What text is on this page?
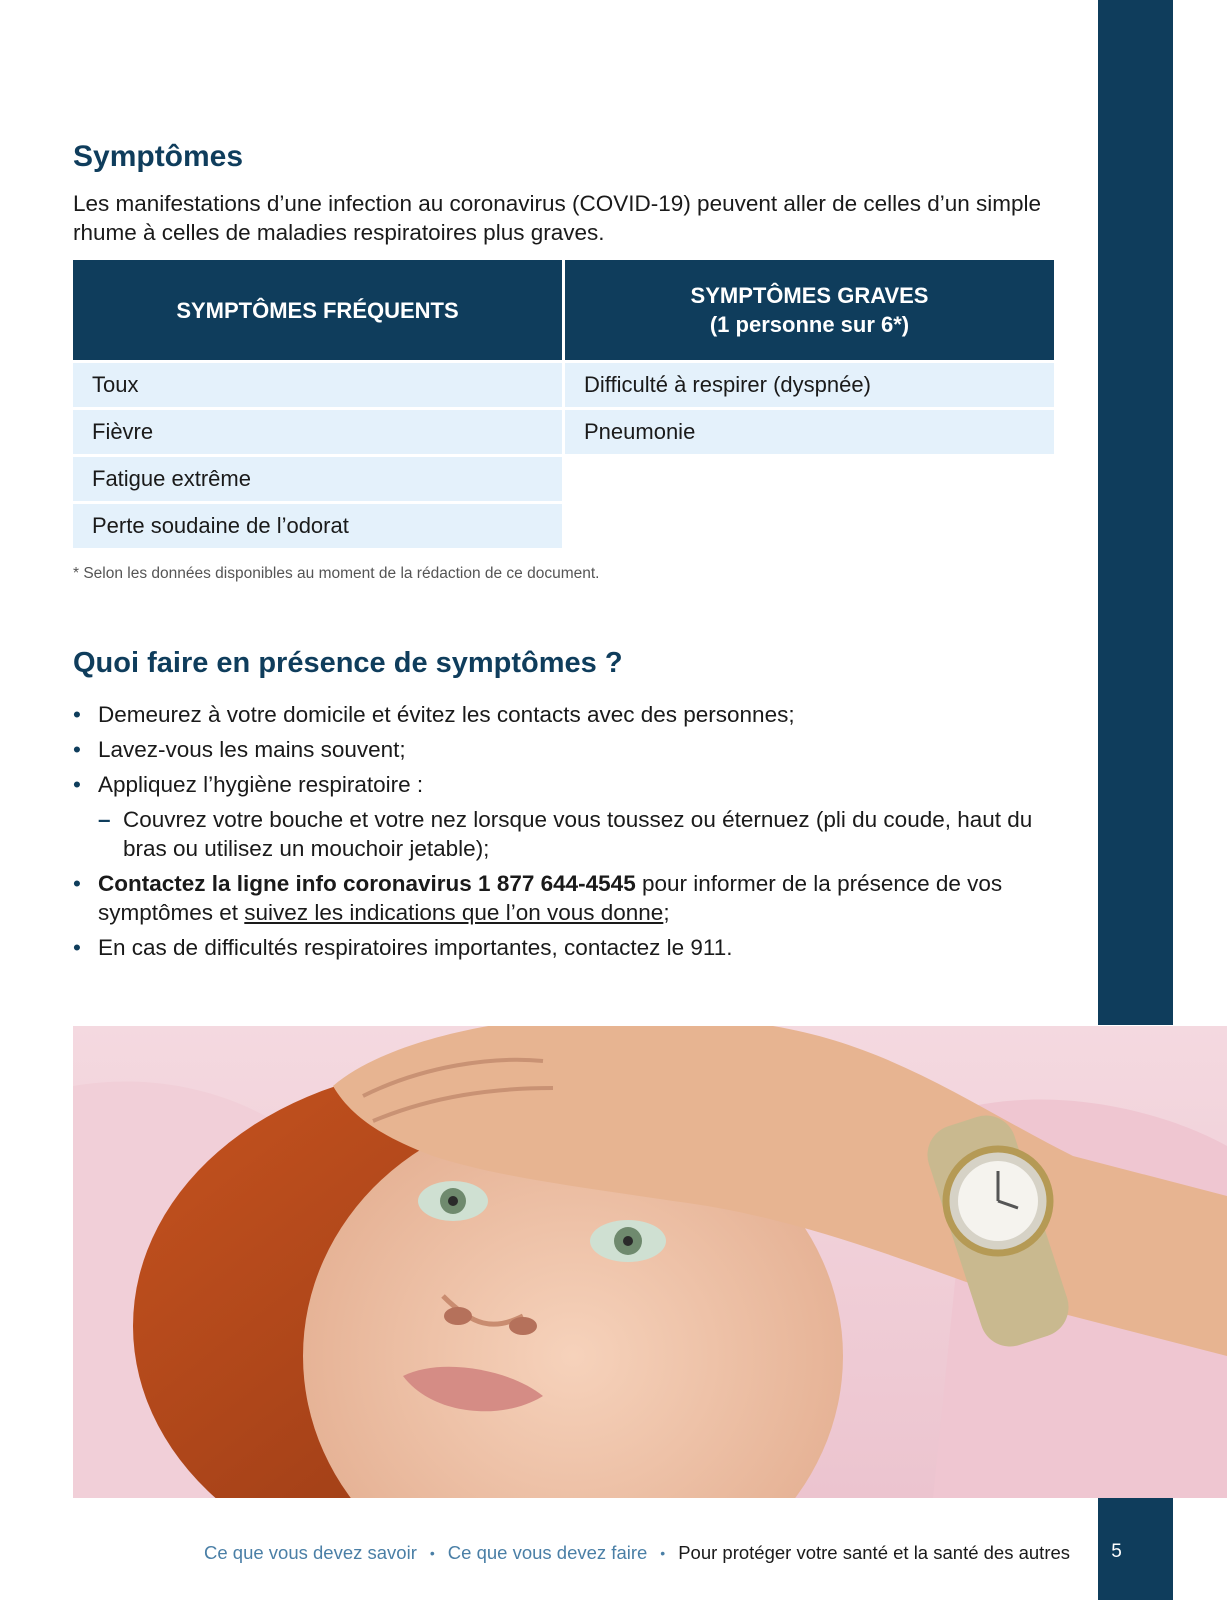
5
Symptômes

Les manifestations d’une infection au coronavirus (COVID-19) peuvent aller de celles d’un simple rhume à celles de maladies respiratoires plus graves.

SYMPTÔMES FRÉQUENTS
Toux
Fièvre
Fatigue extrême
Perte soudaine de l’odorat
SYMPTÔMES GRAVES
(1 personne sur 6*)
Difficulté à respirer (dyspnée)
Pneumonie

* Selon les données disponibles au moment de la rédaction de ce document.

Quoi faire en présence de symptômes ?
• Demeurez à votre domicile et évitez les contacts avec des personnes;
• Lavez-vous les mains souvent;
• Appliquez l’hygiène respiratoire :
– Couvrez votre bouche et votre nez lorsque vous toussez ou éternuez (pli du coude, haut du bras ou utilisez un mouchoir jetable);
• Contactez la ligne info coronavirus 1 877 644-4545 pour informer de la présence de vos symptômes et suivez les indications que l’on vous donne;
• En cas de difficultés respiratoires importantes, contactez le 911.
Ce que vous devez savoir • Ce que vous devez faire • Pour protéger votre santé et la santé des autres
